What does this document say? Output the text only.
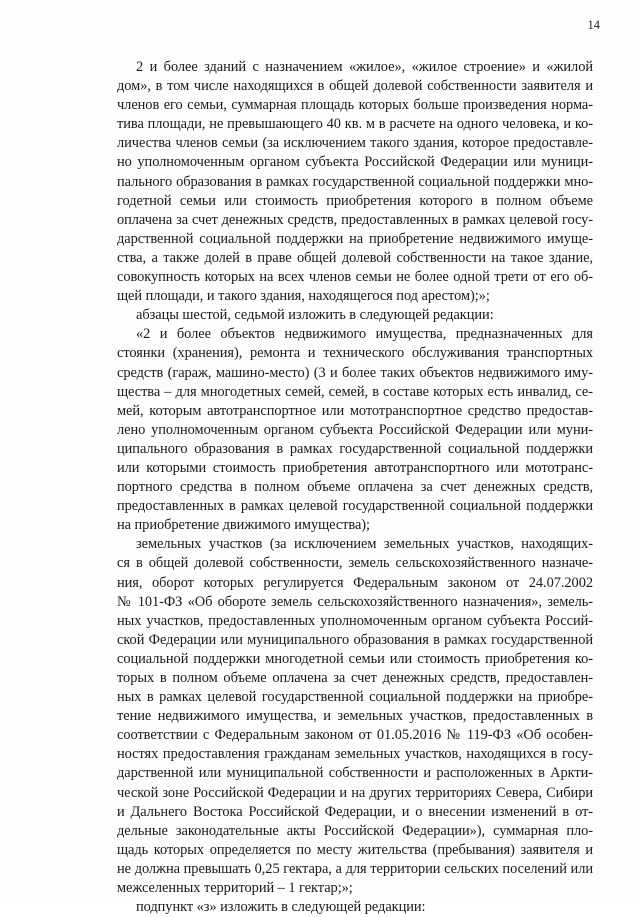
14
2 и более зданий с назначением «жилое», «жилое строение» и «жилой
дом», в том числе находящихся в общей долевой собственности заявителя и
членов его семьи, суммарная площадь которых больше произведения норма-
тива площади, не превышающего 40 кв. м в расчете на одного человека, и ко-
личества членов семьи (за исключением такого здания, которое предоставле-
но уполномоченным органом субъекта Российской Федерации или муници-
пального образования в рамках государственной социальной поддержки мно-
годетной семьи или стоимость приобретения которого в полном объеме
оплачена за счет денежных средств, предоставленных в рамках целевой госу-
дарственной социальной поддержки на приобретение недвижимого имуще-
ства, а также долей в праве общей долевой собственности на такое здание,
совокупность которых на всех членов семьи не более одной трети от его об-
щей площади, и такого здания, находящегося под арестом);»;
абзацы шестой, седьмой изложить в следующей редакции:
«2 и более объектов недвижимого имущества, предназначенных для
стоянки (хранения), ремонта и технического обслуживания транспортных
средств (гараж, машино-место) (3 и более таких объектов недвижимого иму-
щества – для многодетных семей, семей, в составе которых есть инвалид, се-
мей, которым автотранспортное или мототранспортное средство предостав-
лено уполномоченным органом субъекта Российской Федерации или муни-
ципального образования в рамках государственной социальной поддержки
или которыми стоимость приобретения автотранспортного или мототранс-
портного средства в полном объеме оплачена за счет денежных средств,
предоставленных в рамках целевой государственной социальной поддержки
на приобретение движимого имущества);
земельных участков (за исключением земельных участков, находящих-
ся в общей долевой собственности, земель сельскохозяйственного назначе-
ния, оборот которых регулируется Федеральным законом от 24.07.2002
№ 101-ФЗ «Об обороте земель сельскохозяйственного назначения», земель-
ных участков, предоставленных уполномоченным органом субъекта Россий-
ской Федерации или муниципального образования в рамках государственной
социальной поддержки многодетной семьи или стоимость приобретения ко-
торых в полном объеме оплачена за счет денежных средств, предоставлен-
ных в рамках целевой государственной социальной поддержки на приобре-
тение недвижимого имущества, и земельных участков, предоставленных в
соответствии с Федеральным законом от 01.05.2016 № 119-ФЗ «Об особен-
ностях предоставления гражданам земельных участков, находящихся в госу-
дарственной или муниципальной собственности и расположенных в Аркти-
ческой зоне Российской Федерации и на других территориях Севера, Сибири
и Дальнего Востока Российской Федерации, и о внесении изменений в от-
дельные законодательные акты Российской Федерации»), суммарная пло-
щадь которых определяется по месту жительства (пребывания) заявителя и
не должна превышать 0,25 гектара, а для территории сельских поселений или
межселенных территорий – 1 гектар;»;
подпункт «з» изложить в следующей редакции:
